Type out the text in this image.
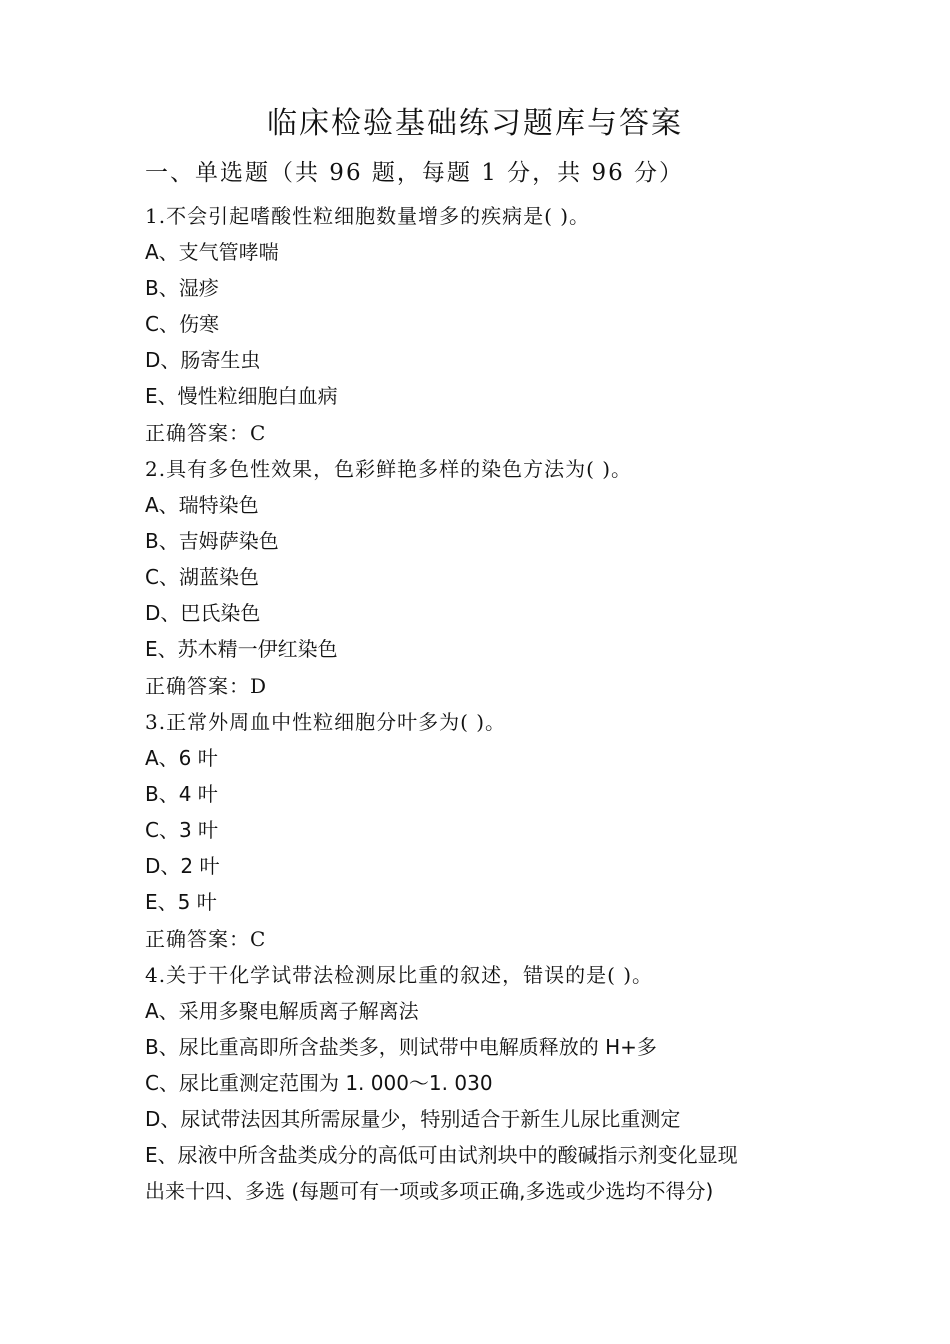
临床检验基础练习题库与答案
一、单选题（共 96 题，每题 1 分，共 96 分）
1.不会引起嗜酸性粒细胞数量增多的疾病是( )。
A、支气管哮喘
B、湿疹
C、伤寒
D、肠寄生虫
E、慢性粒细胞白血病
正确答案：C
2.具有多色性效果，色彩鲜艳多样的染色方法为( )。
A、瑞特染色
B、吉姆萨染色
C、湖蓝染色
D、巴氏染色
E、苏木精一伊红染色
正确答案：D
3.正常外周血中性粒细胞分叶多为( )。
A、6 叶
B、4 叶
C、3 叶
D、2 叶
E、5 叶
正确答案：C
4.关于干化学试带法检测尿比重的叙述，错误的是( )。
A、采用多聚电解质离子解离法
B、尿比重高即所含盐类多，则试带中电解质释放的 H+多
C、尿比重测定范围为 1. 000～1. 030
D、尿试带法因其所需尿量少，特别适合于新生儿尿比重测定
E、尿液中所含盐类成分的高低可由试剂块中的酸碱指示剂变化显现
出来十四、多选 (每题可有一项或多项正确,多选或少选均不得分)
